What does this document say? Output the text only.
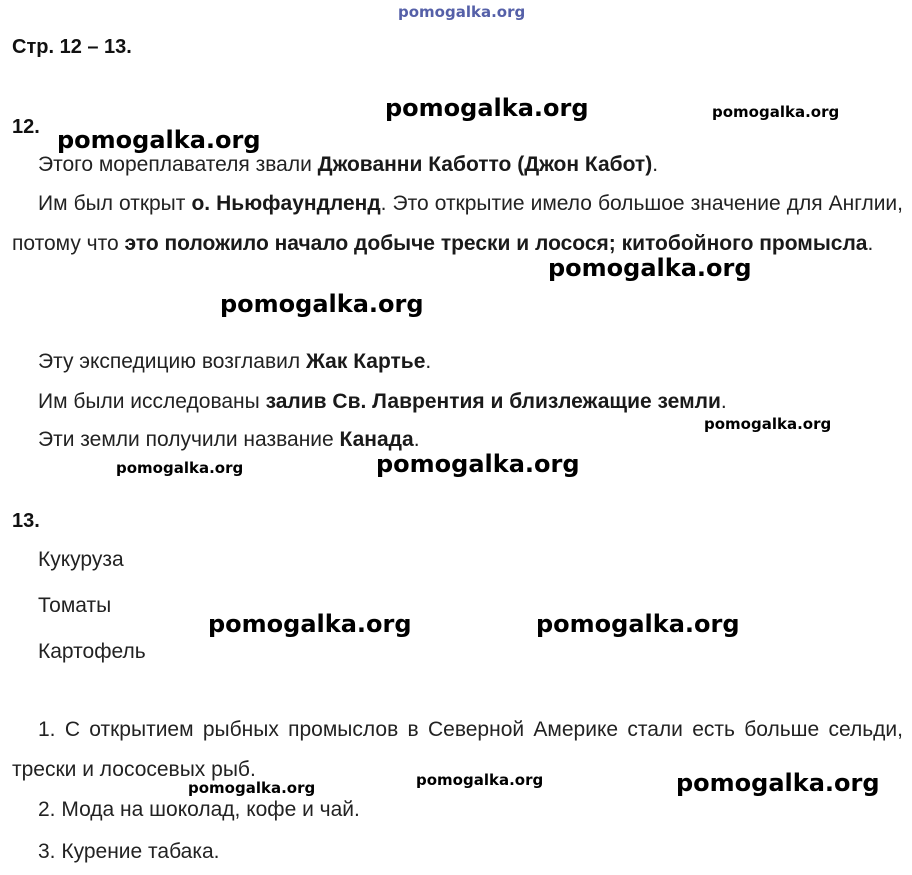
pomogalka.org
Стр. 12 – 13.
12.
Этого мореплавателя звали Джованни Каботто (Джон Кабот).
Им был открыт о. Ньюфаундленд. Это открытие имело большое значение для Англии, потому что это положило начало добыче трески и лосося; китобойного промысла.
Эту экспедицию возглавил Жак Картье.
Им были исследованы залив Св. Лаврентия и близлежащие земли.
Эти земли получили название Канада.
13.
Кукуруза
Томаты
Картофель
1. С открытием рыбных промыслов в Северной Америке стали есть больше сельди, трески и лососевых рыб.
2. Мода на шоколад, кофе и чай.
3. Курение табака.
pomogalka.org	pomogalka.org
pomogalka.org
pomogalka.org
pomogalka.org
pomogalka.org
pomogalka.org	pomogalka.org
pomogalka.org	pomogalka.org
pomogalka.org	pomogalka.org
pomogalka.org
